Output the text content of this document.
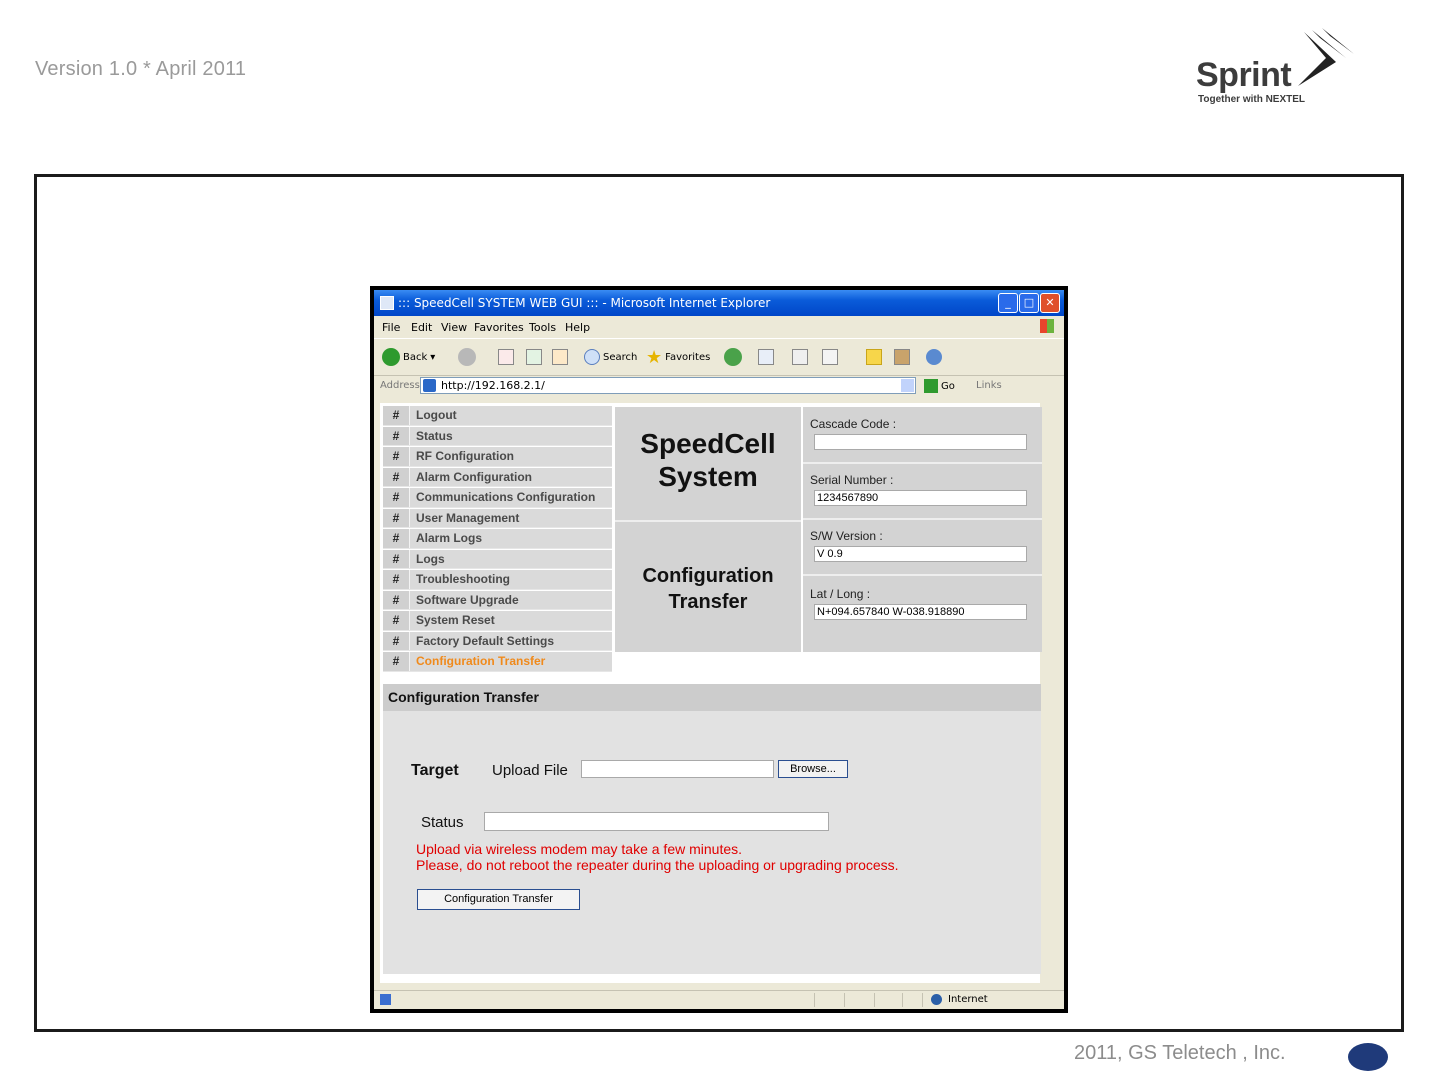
Version 1.0 * April 2011	Sprint
Together with NEXTEL
::: SpeedCell SYSTEM WEB GUI ::: - Microsoft Internet Explorer	_	□	✕
File Edit View Favorites Tools Help
Back ▾	Search ★ Favorites
Address http://192.168.2.1/	Go Links
#	Logout
#	Status
#	RF Configuration
#	Alarm Configuration
#	Communications Configuration
#	User Management
#	Alarm Logs
#	Logs
#	Troubleshooting
#	Software Upgrade
#	System Reset
#	Factory Default Settings
#	Configuration Transfer
SpeedCell
System
Configuration
Transfer
Cascade Code :
Serial Number :
1234567890
S/W Version :
V 0.9
Lat / Long :
N+094.657840 W-038.918890
Configuration Transfer
Target Upload File	Browse...
Status
Upload via wireless modem may take a few minutes.
Please, do not reboot the repeater during the uploading or upgrading process.
Configuration Transfer
Internet
2011, GS Teletech , Inc.
